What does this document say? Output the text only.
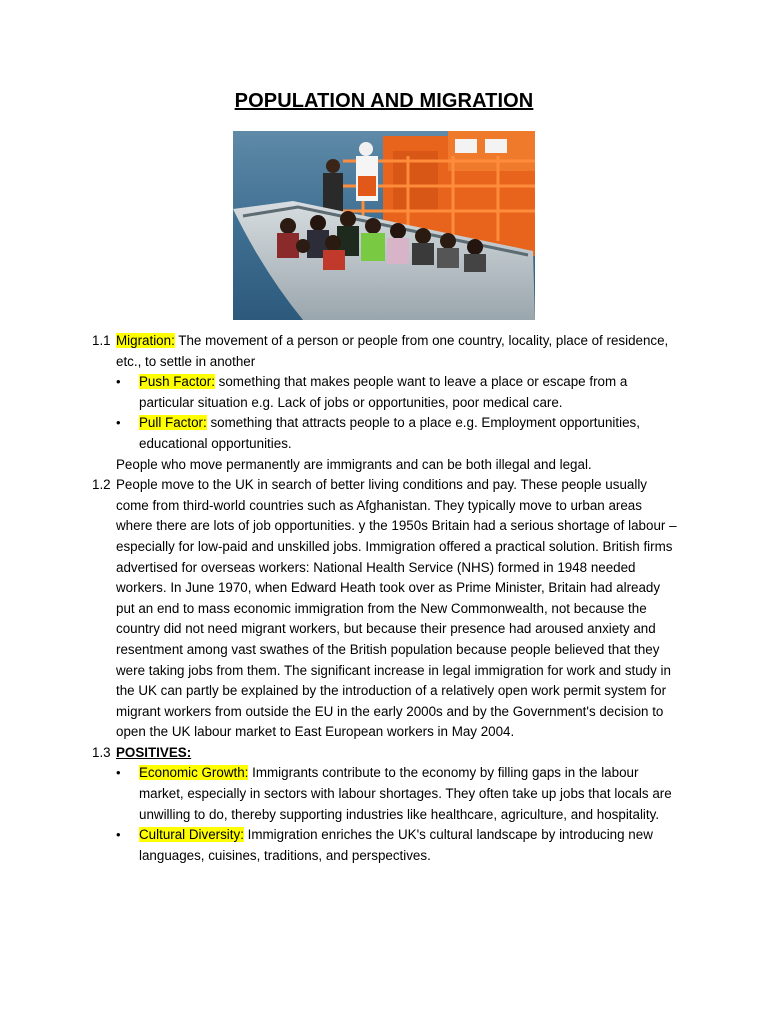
POPULATION AND MIGRATION
1.1 Migration: The movement of a person or people from one country, locality, place of residence, etc., to settle in another
• Push Factor: something that makes people want to leave a place or escape from a particular situation e.g. Lack of jobs or opportunities, poor medical care.
• Pull Factor: something that attracts people to a place e.g. Employment opportunities, educational opportunities.
People who move permanently are immigrants and can be both illegal and legal.
1.2 People move to the UK in search of better living conditions and pay. These people usually come from third-world countries such as Afghanistan. They typically move to urban areas where there are lots of job opportunities. y the 1950s Britain had a serious shortage of labour – especially for low-paid and unskilled jobs. Immigration offered a practical solution. British firms advertised for overseas workers: National Health Service (NHS) formed in 1948 needed workers. In June 1970, when Edward Heath took over as Prime Minister, Britain had already put an end to mass economic immigration from the New Commonwealth, not because the country did not need migrant workers, but because their presence had aroused anxiety and resentment among vast swathes of the British population because people believed that they were taking jobs from them. The significant increase in legal immigration for work and study in the UK can partly be explained by the introduction of a relatively open work permit system for migrant workers from outside the EU in the early 2000s and by the Government's decision to open the UK labour market to East European workers in May 2004.
1.3 POSITIVES:
• Economic Growth: Immigrants contribute to the economy by filling gaps in the labour market, especially in sectors with labour shortages. They often take up jobs that locals are unwilling to do, thereby supporting industries like healthcare, agriculture, and hospitality.
• Cultural Diversity: Immigration enriches the UK's cultural landscape by introducing new languages, cuisines, traditions, and perspectives.
